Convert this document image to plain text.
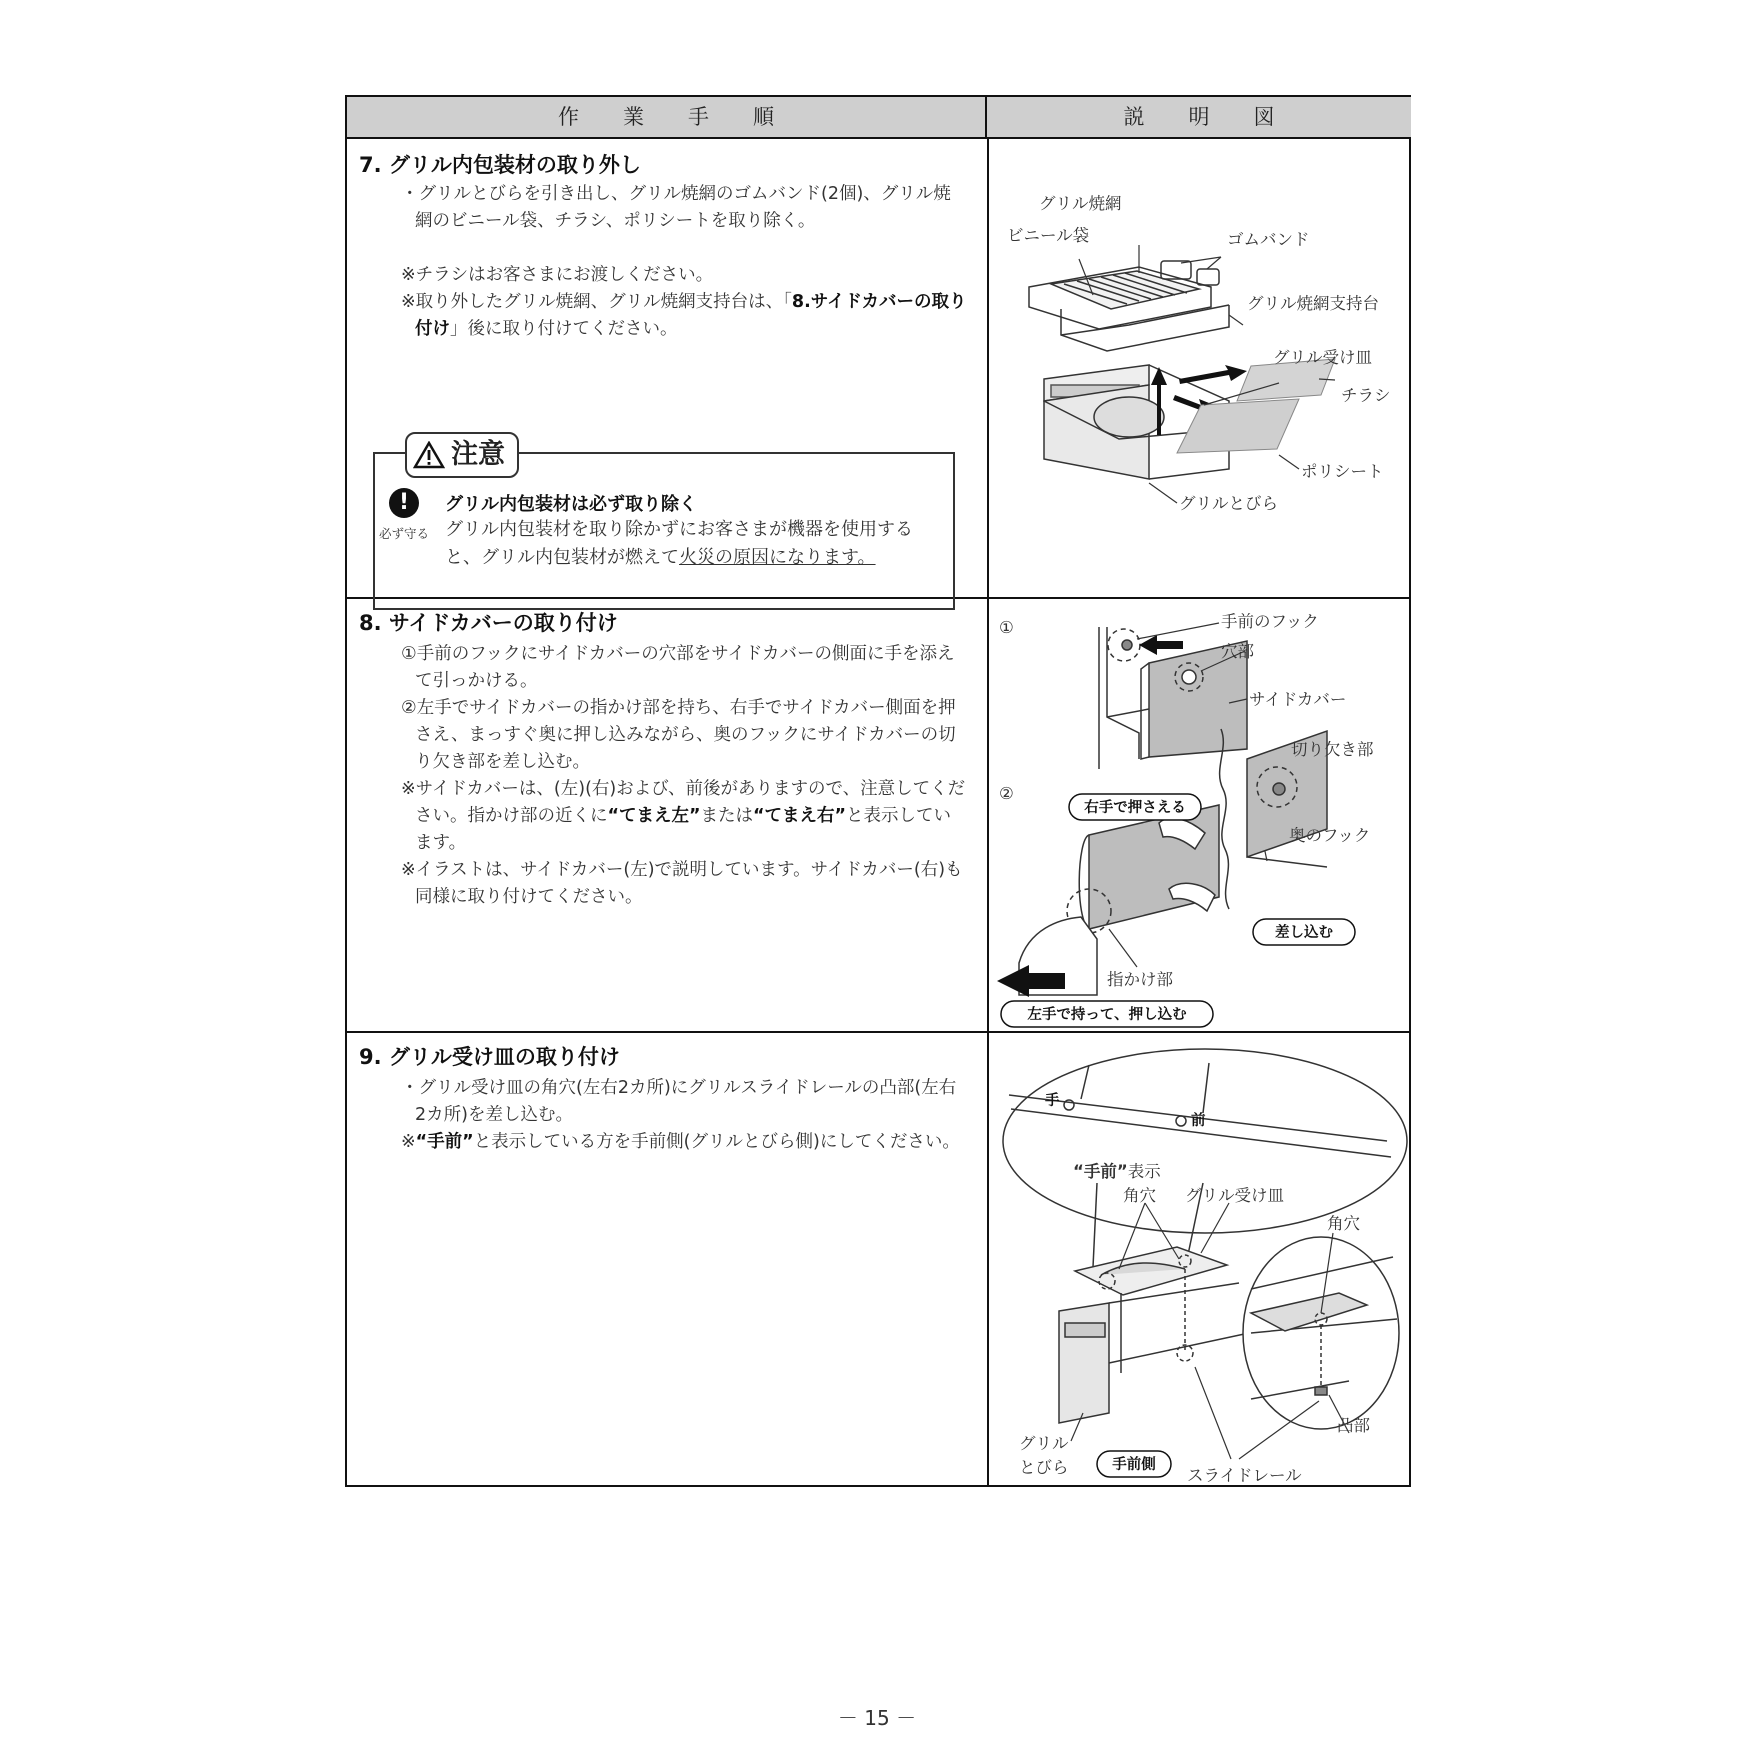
作 業 手 順	説 明 図
7. グリル内包装材の取り外し
・グリルとびらを引き出し、グリル焼網のゴムバンド(2個)、グリル焼網のビニール袋、チラシ、ポリシートを取り除く。
※チラシはお客さまにお渡しください。
※取り外したグリル焼網、グリル焼網支持台は、「8.サイドカバーの取り付け」後に取り付けてください。
注意
!
必ず守る
グリル内包装材は必ず取り除く
グリル内包装材を取り除かずにお客さまが機器を使用すると、グリル内包装材が燃えて火災の原因になります。
グリル焼網
ビニール袋	ゴムバンド
グリル焼網支持台
グリル受け皿
チラシ
ポリシート
グリルとびら
8. サイドカバーの取り付け
①手前のフックにサイドカバーの穴部をサイドカバーの側面に手を添えて引っかける。
②左手でサイドカバーの指かけ部を持ち、右手でサイドカバー側面を押さえ、まっすぐ奥に押し込みながら、奥のフックにサイドカバーの切り欠き部を差し込む。
※サイドカバーは、(左)(右)および、前後がありますので、注意してください。指かけ部の近くに“てまえ左”または“てまえ右”と表示しています。
※イラストは、サイドカバー(左)で説明しています。サイドカバー(右)も同様に取り付けてください。
①
②
右手で押さえる
差し込む
左手で持って、押し込む
手前のフック
穴部
サイドカバー
切り欠き部
奥のフック
指かけ部
9. グリル受け皿の取り付け
・グリル受け皿の角穴(左右2カ所)にグリルスライドレールの凸部(左右2カ所)を差し込む。
※“手前”と表示している方を手前側(グリルとびら側)にしてください。
手
前
“手前”表示
角穴 グリル受け皿
角穴
凸部
グリル
とびら	手前側
スライドレール
－ 15 －
